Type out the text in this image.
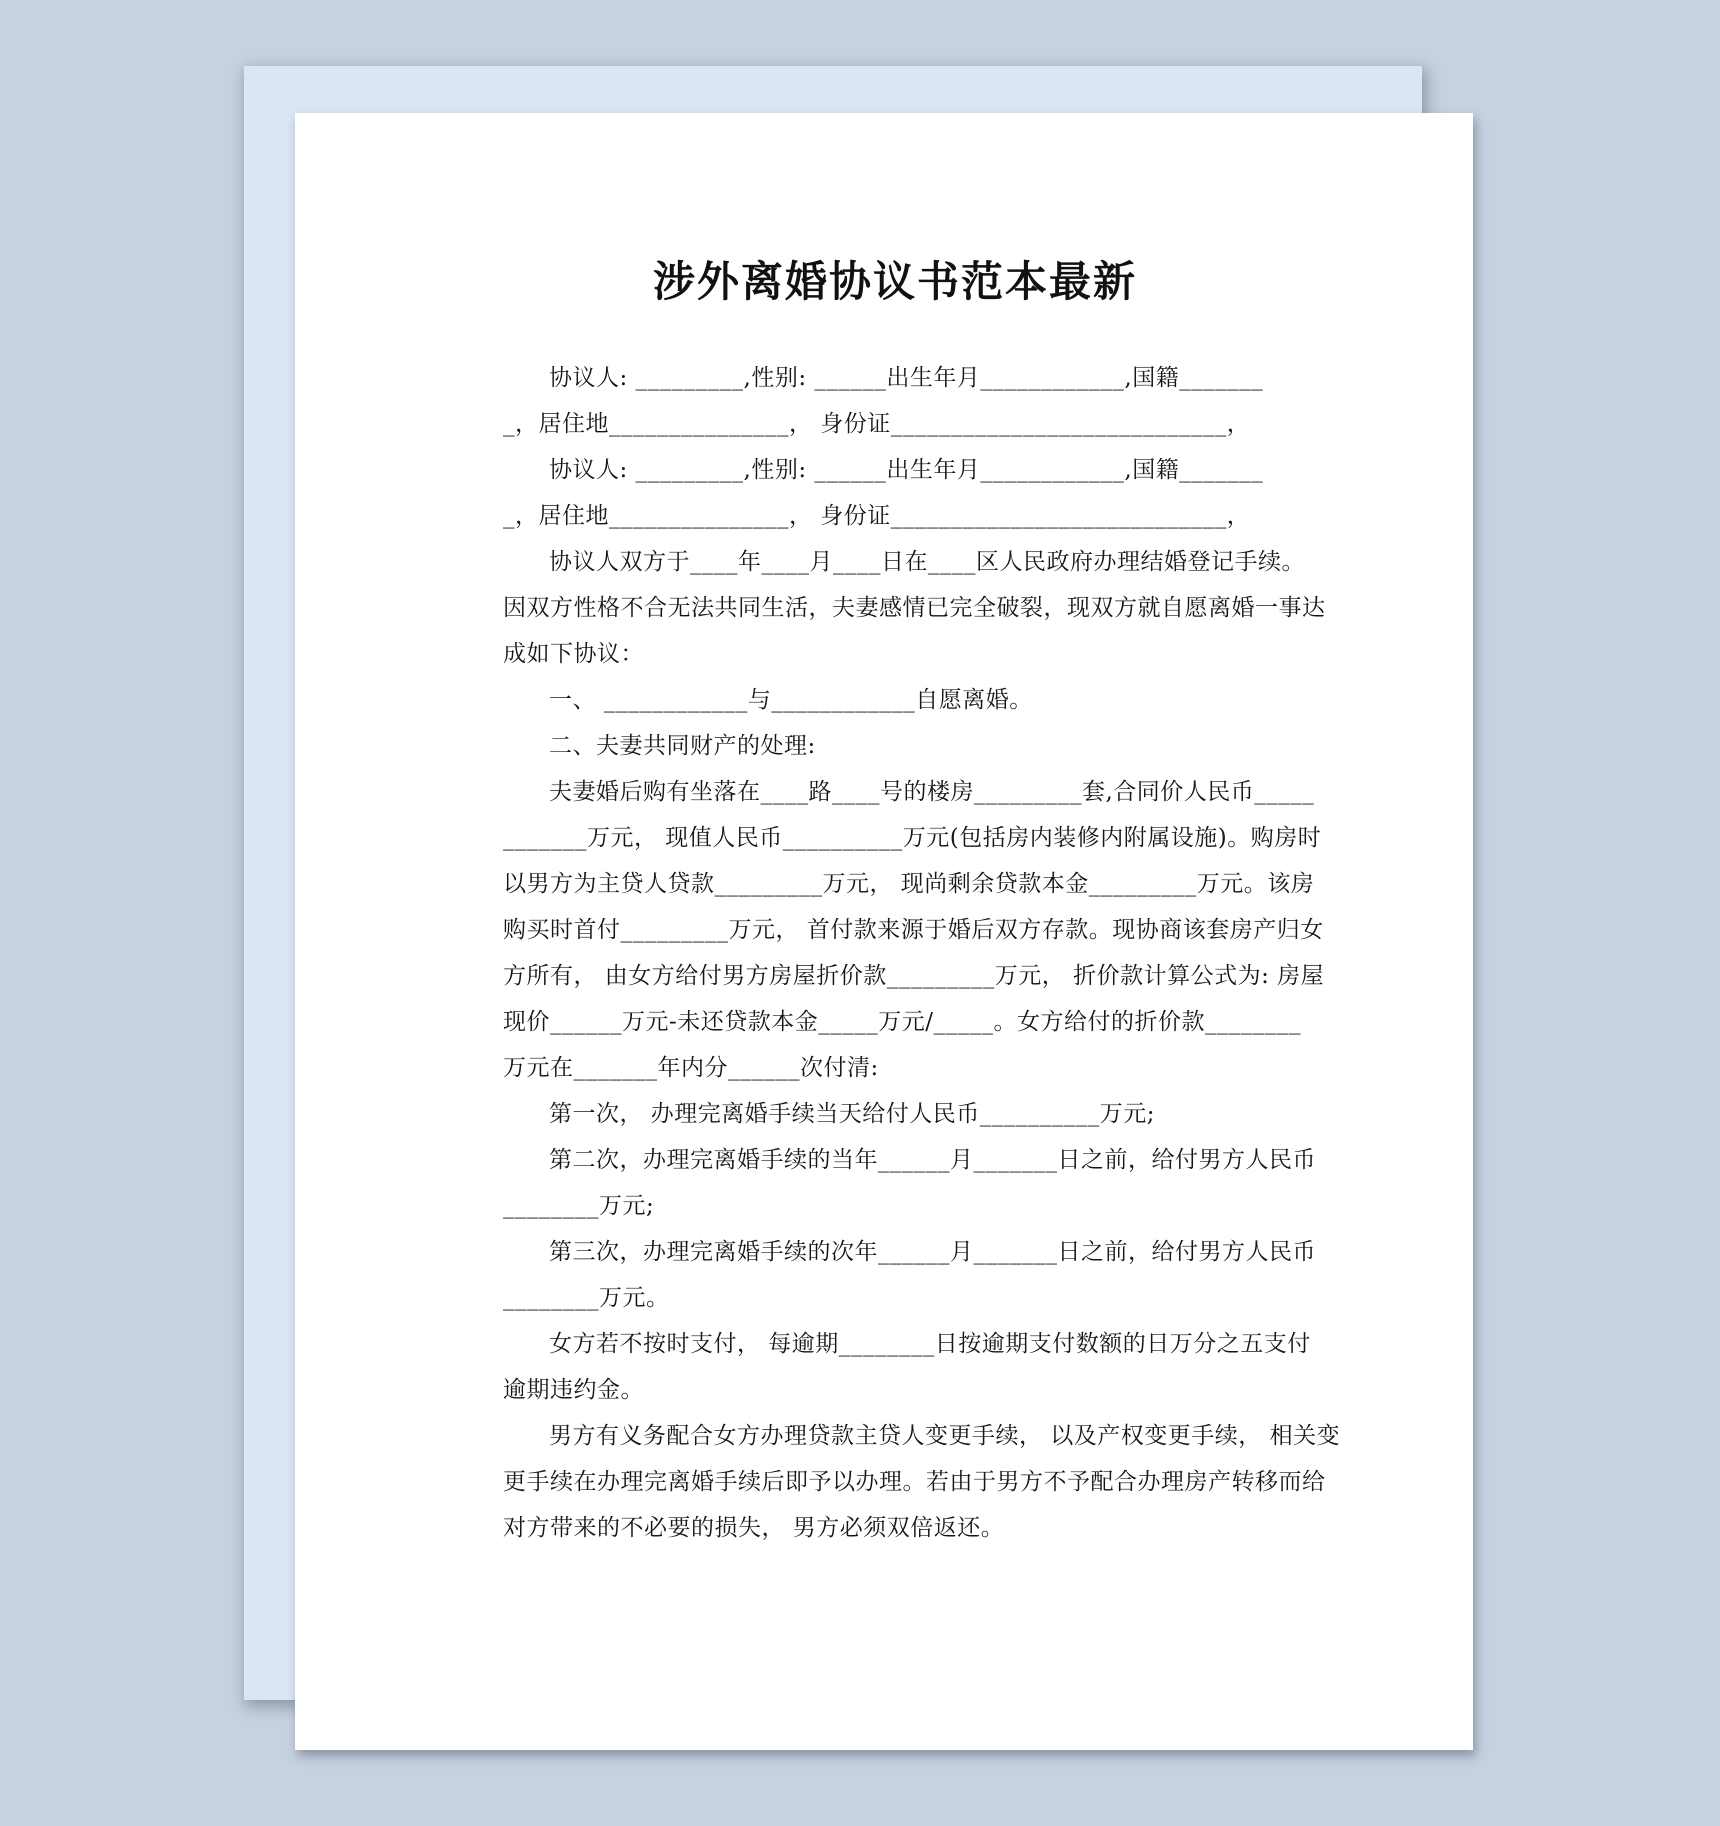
涉外离婚协议书范本最新
协议人: _________,性别: ______出生年月____________,国籍_______
_，居住地_______________， 身份证____________________________，
协议人: _________,性别: ______出生年月____________,国籍_______
_，居住地_______________， 身份证____________________________，
协议人双方于____年____月____日在____区人民政府办理结婚登记手续。
因双方性格不合无法共同生活，夫妻感情已完全破裂，现双方就自愿离婚一事达
成如下协议：
一、 ____________与____________自愿离婚。
二、夫妻共同财产的处理:
夫妻婚后购有坐落在____路____号的楼房_________套,合同价人民币_____
_______万元， 现值人民币__________万元(包括房内装修内附属设施)。购房时
以男方为主贷人贷款_________万元， 现尚剩余贷款本金_________万元。该房
购买时首付_________万元， 首付款来源于婚后双方存款。现协商该套房产归女
方所有， 由女方给付男方房屋折价款_________万元， 折价款计算公式为: 房屋
现价______万元-未还贷款本金_____万元/_____。女方给付的折价款________
万元在_______年内分______次付清:
第一次， 办理完离婚手续当天给付人民币__________万元;
第二次，办理完离婚手续的当年______月_______日之前，给付男方人民币
________万元;
第三次，办理完离婚手续的次年______月_______日之前，给付男方人民币
________万元。
女方若不按时支付， 每逾期________日按逾期支付数额的日万分之五支付
逾期违约金。
男方有义务配合女方办理贷款主贷人变更手续， 以及产权变更手续， 相关变
更手续在办理完离婚手续后即予以办理。若由于男方不予配合办理房产转移而给
对方带来的不必要的损失， 男方必须双倍返还。
